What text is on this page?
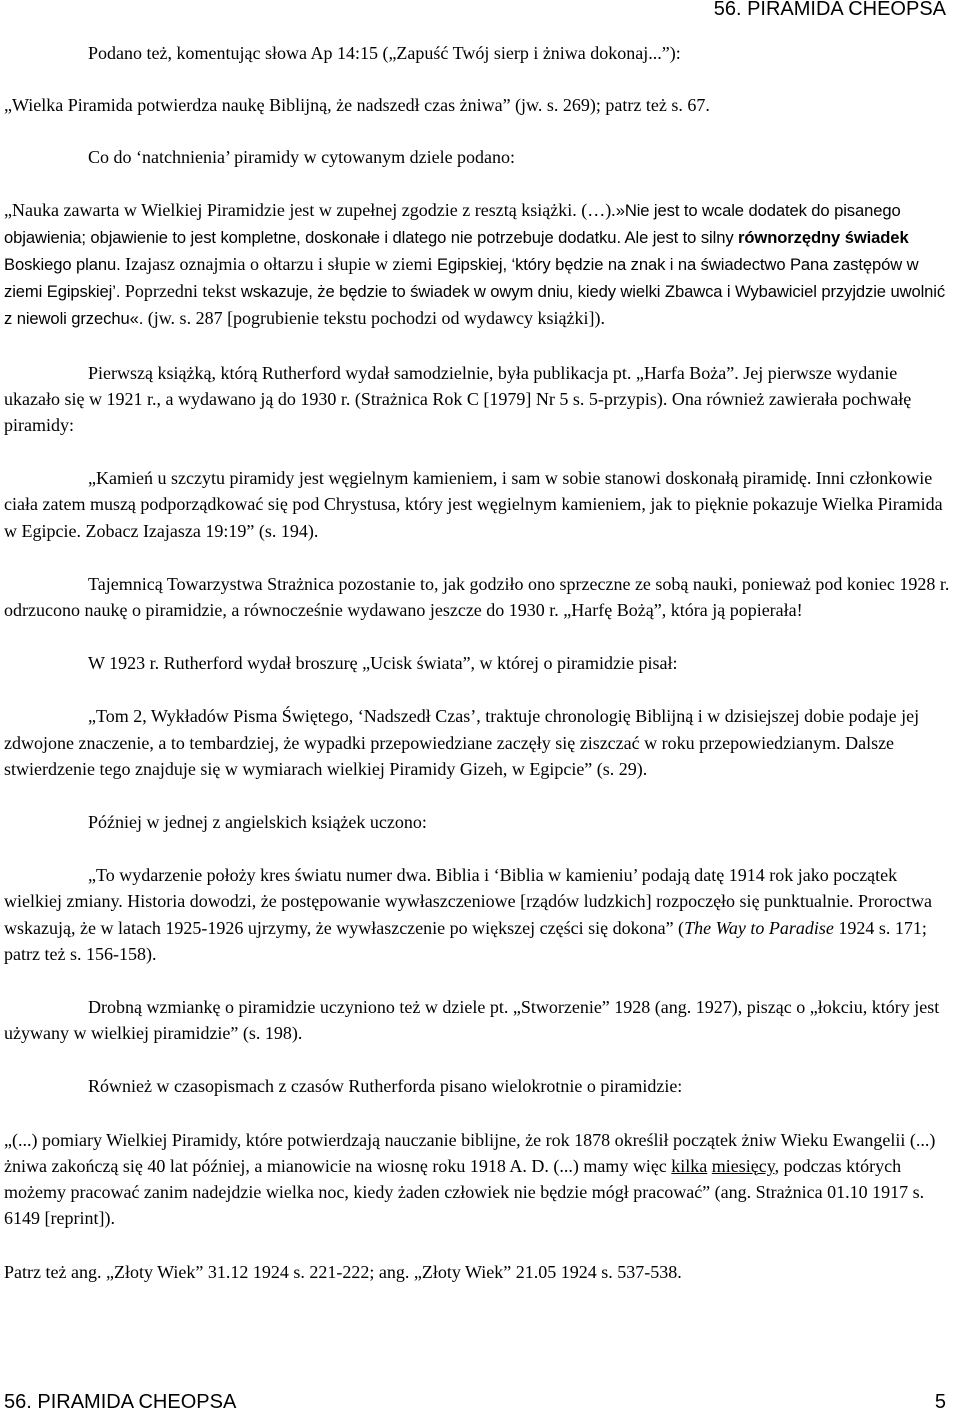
56. PIRAMIDA CHEOPSA

Podano też, komentując słowa Ap 14:15 („Zapuść Twój sierp i żniwa dokonaj...”):

„Wielka Piramida potwierdza naukę Biblijną, że nadszedł czas żniwa” (jw. s. 269); patrz też s. 67.

Co do ‘natchnienia’ piramidy w cytowanym dziele podano:

„Nauka zawarta w Wielkiej Piramidzie jest w zupełnej zgodzie z resztą książki. (…).»Nie jest to wcale dodatek do pisanego objawienia; objawienie to jest kompletne, doskonałe i dlatego nie potrzebuje dodatku. Ale jest to silny równorzędny świadek Boskiego planu. Izajasz oznajmia o ołtarzu i słupie w ziemi Egipskiej, ‘który będzie na znak i na świadectwo Pana zastępów w ziemi Egipskiej’. Poprzedni tekst wskazuje, że będzie to świadek w owym dniu, kiedy wielki Zbawca i Wybawiciel przyjdzie uwolnić z niewoli grzechu«. (jw. s. 287 [pogrubienie tekstu pochodzi od wydawcy książki]).

Pierwszą książką, którą Rutherford wydał samodzielnie, była publikacja pt. „Harfa Boża”. Jej pierwsze wydanie ukazało się w 1921 r., a wydawano ją do 1930 r. (Strażnica Rok C [1979] Nr 5 s. 5-przypis). Ona również zawierała pochwałę piramidy:

„Kamień u szczytu piramidy jest węgielnym kamieniem, i sam w sobie stanowi doskonałą piramidę. Inni członkowie ciała zatem muszą podporządkować się pod Chrystusa, który jest węgielnym kamieniem, jak to pięknie pokazuje Wielka Piramida w Egipcie. Zobacz Izajasza 19:19” (s. 194).

Tajemnicą Towarzystwa Strażnica pozostanie to, jak godziło ono sprzeczne ze sobą nauki, ponieważ pod koniec 1928 r. odrzucono naukę o piramidzie, a równocześnie wydawano jeszcze do 1930 r. „Harfę Bożą”, która ją popierała!

W 1923 r. Rutherford wydał broszurę „Ucisk świata”, w której o piramidzie pisał:

„Tom 2, Wykładów Pisma Świętego, ‘Nadszedł Czas’, traktuje chronologię Biblijną i w dzisiejszej dobie podaje jej zdwojone znaczenie, a to tembardziej, że wypadki przepowiedziane zaczęły się ziszczać w roku przepowiedzianym. Dalsze stwierdzenie tego znajduje się w wymiarach wielkiej Piramidy Gizeh, w Egipcie” (s. 29).

Później w jednej z angielskich książek uczono:

„To wydarzenie położy kres światu numer dwa. Biblia i ‘Biblia w kamieniu’ podają datę 1914 rok jako początek wielkiej zmiany. Historia dowodzi, że postępowanie wywłaszczeniowe [rządów ludzkich] rozpoczęło się punktualnie. Proroctwa wskazują, że w latach 1925-1926 ujrzymy, że wywłaszczenie po większej części się dokona” (The Way to Paradise 1924 s. 171; patrz też s. 156-158).

Drobną wzmiankę o piramidzie uczyniono też w dziele pt. „Stworzenie” 1928 (ang. 1927), pisząc o „łokciu, który jest używany w wielkiej piramidzie” (s. 198).

Również w czasopismach z czasów Rutherforda pisano wielokrotnie o piramidzie:

„(...) pomiary Wielkiej Piramidy, które potwierdzają nauczanie biblijne, że rok 1878 określił początek żniw Wieku Ewangelii (...) żniwa zakończą się 40 lat później, a mianowicie na wiosnę roku 1918 A. D. (...) mamy więc kilka miesięcy, podczas których możemy pracować zanim nadejdzie wielka noc, kiedy żaden człowiek nie będzie mógł pracować” (ang. Strażnica 01.10 1917 s. 6149 [reprint]).

Patrz też ang. „Złoty Wiek” 31.12 1924 s. 221-222; ang. „Złoty Wiek” 21.05 1924 s. 537-538.

56. PIRAMIDA CHEOPSA	5
